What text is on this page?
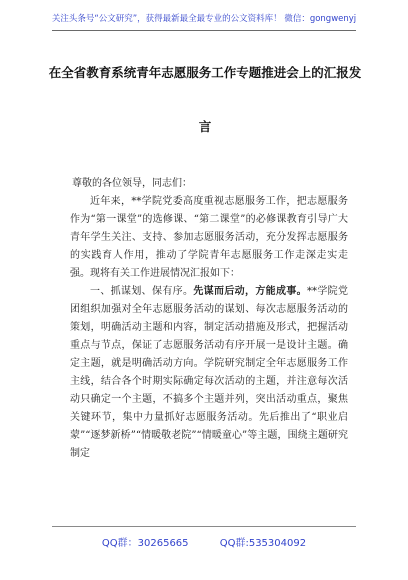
关注头条号“公文研究”，获得最新最全最专业的公文资料库！ 微信：gongwenyj
在全省教育系统青年志愿服务工作专题推进会上的汇报发
言
尊敬的各位领导，同志们：

近年来，**学院党委高度重视志愿服务工作，把志愿服务作为“第一课堂”的选修课、“第二课堂”的必修课教育引导广大青年学生关注、支持、参加志愿服务活动，充分发挥志愿服务的实践育人作用，推动了学院青年志愿服务工作走深走实走强。现将有关工作进展情况汇报如下：

一、抓谋划、保有序。先谋而后动，方能成事。**学院党团组织加强对全年志愿服务活动的谋划、每次志愿服务活动的策划，明确活动主题和内容，制定活动措施及形式，把握活动重点与节点，保证了志愿服务活动有序开展一是设计主题。确定主题，就是明确活动方向。学院研究制定全年志愿服务工作主线，结合各个时期实际确定每次活动的主题，并注意每次活动只确定一个主题，不搞多个主题并列，突出活动重点，聚焦关键环节，集中力量抓好志愿服务活动。先后推出了“职业启蒙”“逐梦新桥”“情暖敬老院”“情暖童心”等主题，围绕主题研究制定

QQ群：30265665	QQ群:535304092
